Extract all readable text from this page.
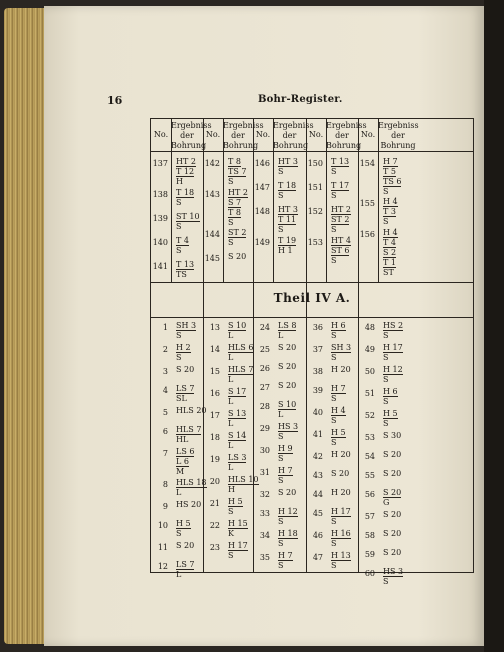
16	Bohr-Register.
Theil IV A.
No.
Ergebniss der Bohrung
No.
Ergebniss der Bohrung
No.
Ergebniss der Bohrung
No.
Ergebniss der Bohrung
No.
Ergebniss der Bohrung
137 HT 2
T 12
H
138 T 18
S
139 ST 10
S
140 T 4
S
141 T 13
TS
1 SH 3
S
2 H 2
S
3 S 20
4 LS 7
SL
5 HLS 20
6 HLS 7
HL
7 LS 6
L 6
M
8 HLS 18
L
9 HS 20
10 H 5
S
11 S 20
12 LS 7
L
142 T 8
TS 7
S
143 HT 2
S 7
T 8
S
144 ST 2
S
145 S 20
13 S 10
L
14 HLS 6
L
15 HLS 7
L
16 S 17
L
17 S 13
L
18 S 14
L
19 LS 3
L
20 HLS 10
H
21 H 5
S
22 H 15
K
23 H 17
S
146 HT 3
S
147 T 18
S
148 HT 3
T 11
S
149 T 19
H 1
24 LS 8
L
25 S 20
26 S 20
27 S 20
28 S 10
L
29 HS 3
S
30 H 9
S
31 H 7
S
32 S 20
33 H 12
S
34 H 18
S
35 H 7
S
150 T 13
S
151 T 17
S
152 HT 2
ST 2
S
153 HT 4
ST 6
S
36 H 6
S
37 SH 3
S
38 H 20
39 H 7
S
40 H 4
S
41 H 5
S
42 H 20
43 S 20
44 H 20
45 H 17
S
46 H 16
S
47 H 13
S
154 H 7
T 5
TS 6
S
155 H 4
T 3
S
156 H 4
T 4
S 2
T 1
ST
48 HS 2
S
49 H 17
S
50 H 12
S
51 H 6
S
52 H 5
S
53 S 30
54 S 20
55 S 20
56 S 20
G
57 S 20
58 S 20
59 S 20
60 HS 3
S
